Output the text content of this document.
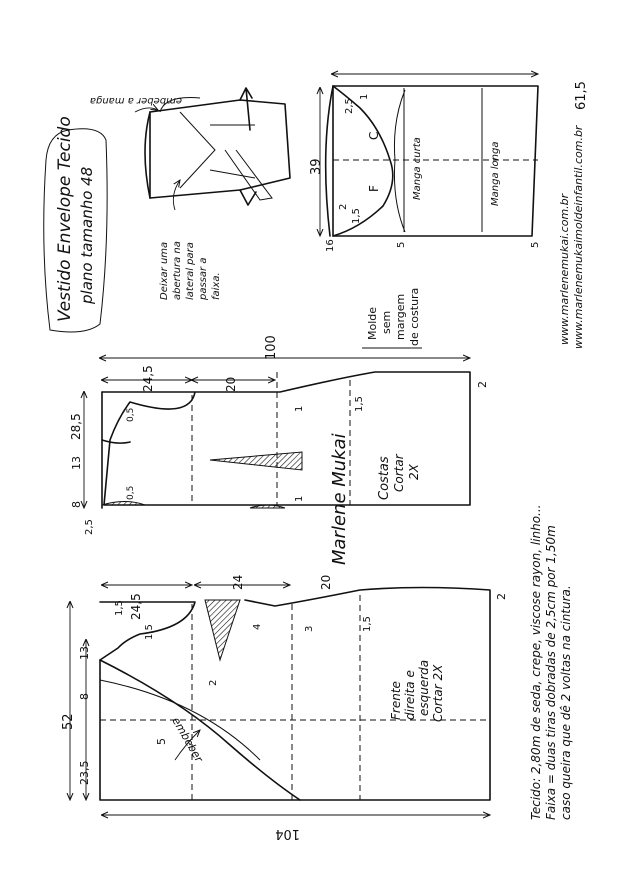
Vestido Envelope Tecido plano tamanho 48
embeber a manga
Deixar uma abertura na lateral para passar a faixa.
61,5
39
2,5
1
2
1,5
16	5	5
C
F	Manga curta	Manga longa
Molde sem margem de costura	www.marlenemukai.com.br www.marlenemukaimoldeinfantil.com.br
100
2
24,5	20
8
13
28,5
2,5
0,5
0,5
1
1
1,5
Costas Cortar 2X
Marlene Mukai
52
23,5
8
13
1,5 24,5
24	20
1,5
2
4	3	1,5
2
104
embeber
5
Frente direita e esquerda Cortar 2X	Tecido: 2,80m de seda, crepe, viscose rayon, linho... Faixa = duas tiras dobradas de 2,5cm por 1,50m caso queira que dê 2 voltas na cintura.
